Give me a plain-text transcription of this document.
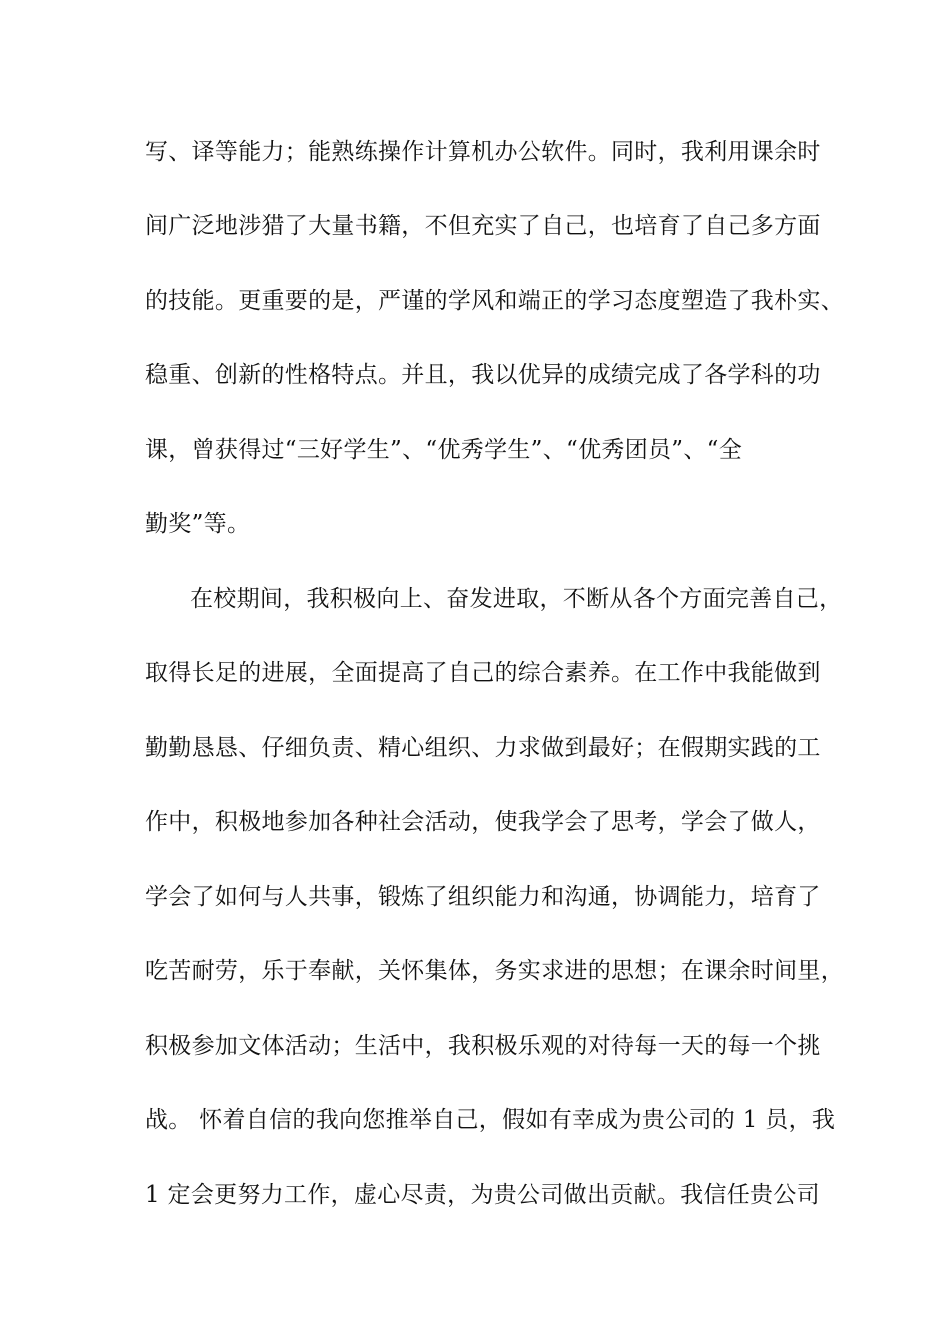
写、译等能力；能熟练操作计算机办公软件。同时，我利用课余时
间广泛地涉猎了大量书籍，不但充实了自己，也培育了自己多方面
的技能。更重要的是，严谨的学风和端正的学习态度塑造了我朴实、
稳重、创新的性格特点。并且，我以优异的成绩完成了各学科的功
课，曾获得过“三好学生”、“优秀学生”、“优秀团员”、“全
勤奖”等。
在校期间，我积极向上、奋发进取，不断从各个方面完善自己，
取得长足的进展，全面提高了自己的综合素养。在工作中我能做到
勤勤恳恳、仔细负责、精心组织、力求做到最好；在假期实践的工
作中，积极地参加各种社会活动，使我学会了思考，学会了做人，
学会了如何与人共事，锻炼了组织能力和沟通，协调能力，培育了
吃苦耐劳，乐于奉献，关怀集体，务实求进的思想；在课余时间里，
积极参加文体活动；生活中，我积极乐观的对待每一天的每一个挑
战。 怀着自信的我向您推举自己，假如有幸成为贵公司的 1 员，我
1 定会更努力工作，虚心尽责，为贵公司做出贡献。我信任贵公司
